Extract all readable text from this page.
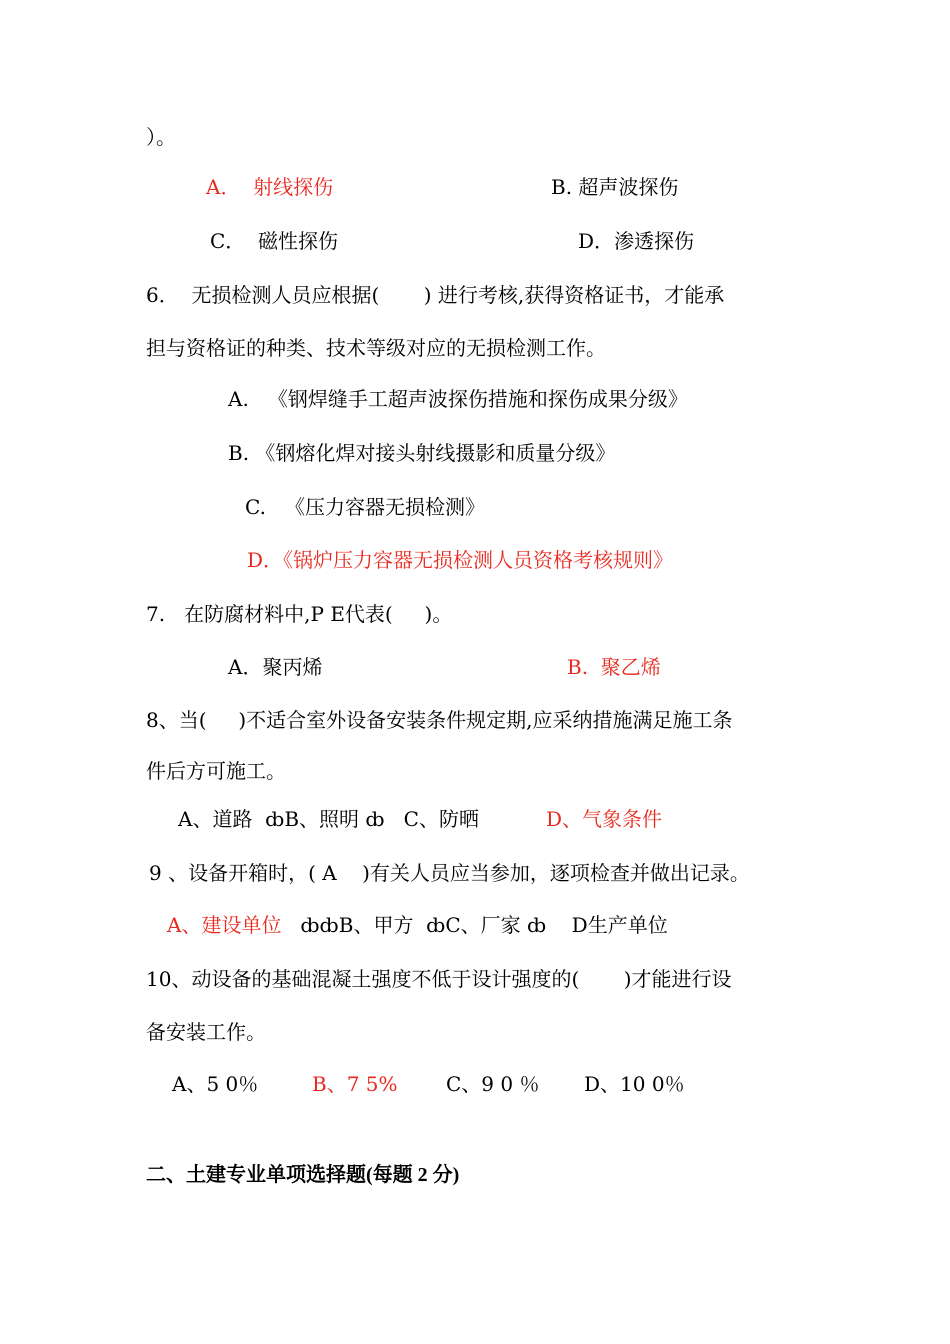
）。
A．  射线探伤	B. 超声波探伤
C．  磁性探伤	D．渗透探伤
6．  无损检测人员应根据(       ) 进行考核,获得资格证书，才能承
担与资格证的种类、技术等级对应的无损检测工作。
A.   《钢焊缝手工超声波探伤措施和探伤成果分级》
B. 《钢熔化焊对接头射线摄影和质量分级》
C.   《压力容器无损检测》
D．《锅炉压力容器无损检测人员资格考核规则》
7.   在防腐材料中,P E代表(     )。
A．聚丙烯	B.  聚乙烯
8、当(     )不适合室外设备安装条件规定期,应采纳措施满足施工条
件后方可施工。
A、道路  ȸB、照明 ȸ   C、防晒	D、气象条件
9 、设备开箱时，( A    )有关人员应当参加，逐项检查并做出记录。
A、建设单位 ȸȸB、甲方  ȸC、厂家 ȸ    D生产单位
10、动设备的基础混凝土强度不低于设计强度的(       )才能进行设
备安装工作。
A、5 0％	B、7 5% C、9 0 ％ D、10 0％
二、土建专业单项选择题(每题 2 分)
